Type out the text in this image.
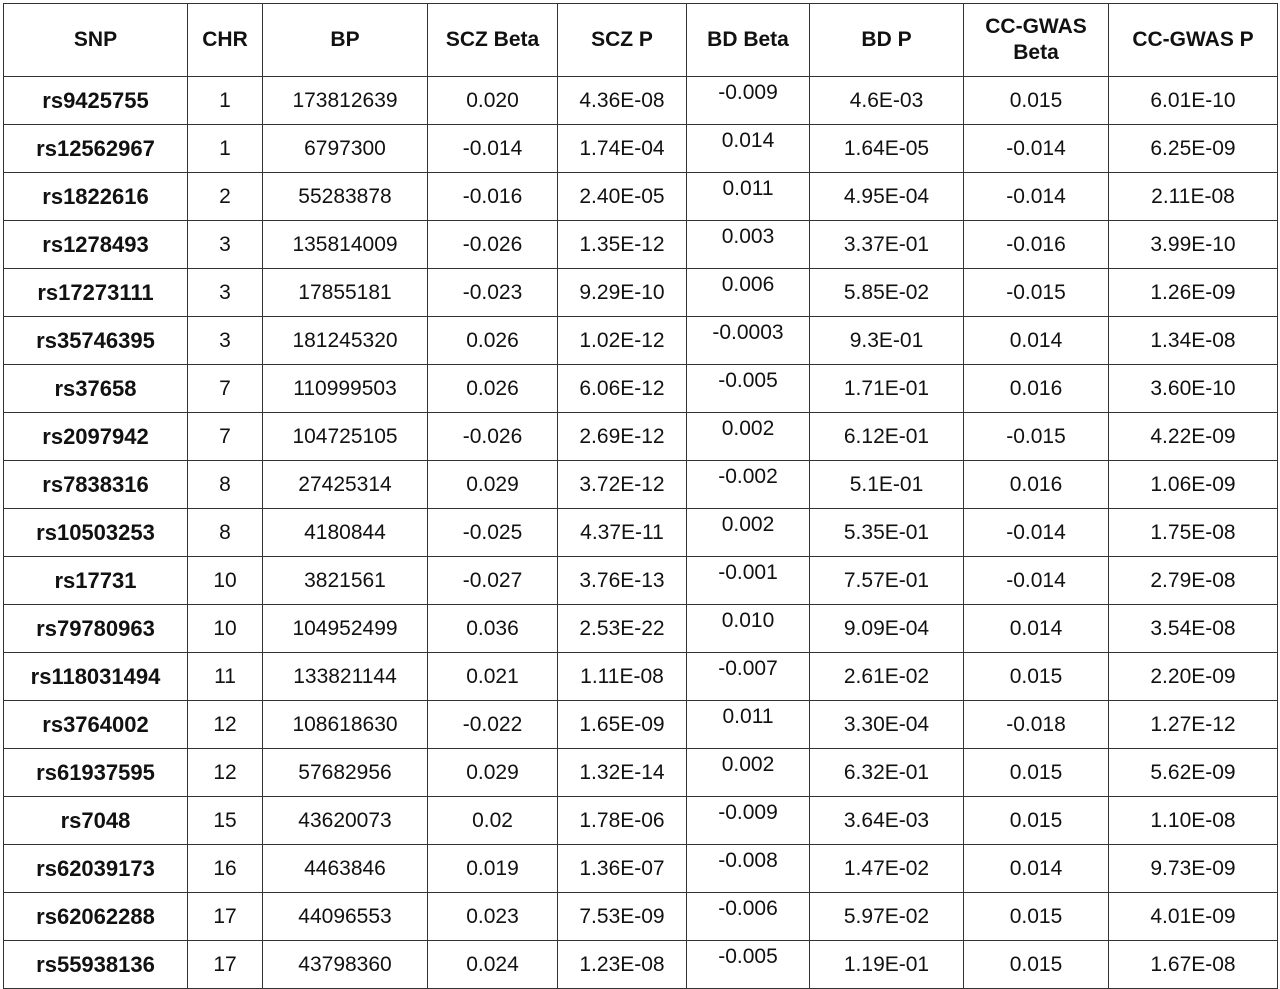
SNP	CHR	BP	SCZ Beta	SCZ P	BD Beta	BD P	CC-GWAS Beta	CC-GWAS P
rs9425755	1	173812639	0.020	4.36E-08	-0.009	4.6E-03	0.015	6.01E-10
rs12562967	1	6797300	-0.014	1.74E-04	0.014	1.64E-05	-0.014	6.25E-09
rs1822616	2	55283878	-0.016	2.40E-05	0.011	4.95E-04	-0.014	2.11E-08
rs1278493	3	135814009	-0.026	1.35E-12	0.003	3.37E-01	-0.016	3.99E-10
rs17273111	3	17855181	-0.023	9.29E-10	0.006	5.85E-02	-0.015	1.26E-09
rs35746395	3	181245320	0.026	1.02E-12	-0.0003	9.3E-01	0.014	1.34E-08
rs37658	7	110999503	0.026	6.06E-12	-0.005	1.71E-01	0.016	3.60E-10
rs2097942	7	104725105	-0.026	2.69E-12	0.002	6.12E-01	-0.015	4.22E-09
rs7838316	8	27425314	0.029	3.72E-12	-0.002	5.1E-01	0.016	1.06E-09
rs10503253	8	4180844	-0.025	4.37E-11	0.002	5.35E-01	-0.014	1.75E-08
rs17731	10	3821561	-0.027	3.76E-13	-0.001	7.57E-01	-0.014	2.79E-08
rs79780963	10	104952499	0.036	2.53E-22	0.010	9.09E-04	0.014	3.54E-08
rs118031494	11	133821144	0.021	1.11E-08	-0.007	2.61E-02	0.015	2.20E-09
rs3764002	12	108618630	-0.022	1.65E-09	0.011	3.30E-04	-0.018	1.27E-12
rs61937595	12	57682956	0.029	1.32E-14	0.002	6.32E-01	0.015	5.62E-09
rs7048	15	43620073	0.02	1.78E-06	-0.009	3.64E-03	0.015	1.10E-08
rs62039173	16	4463846	0.019	1.36E-07	-0.008	1.47E-02	0.014	9.73E-09
rs62062288	17	44096553	0.023	7.53E-09	-0.006	5.97E-02	0.015	4.01E-09
rs55938136	17	43798360	0.024	1.23E-08	-0.005	1.19E-01	0.015	1.67E-08
